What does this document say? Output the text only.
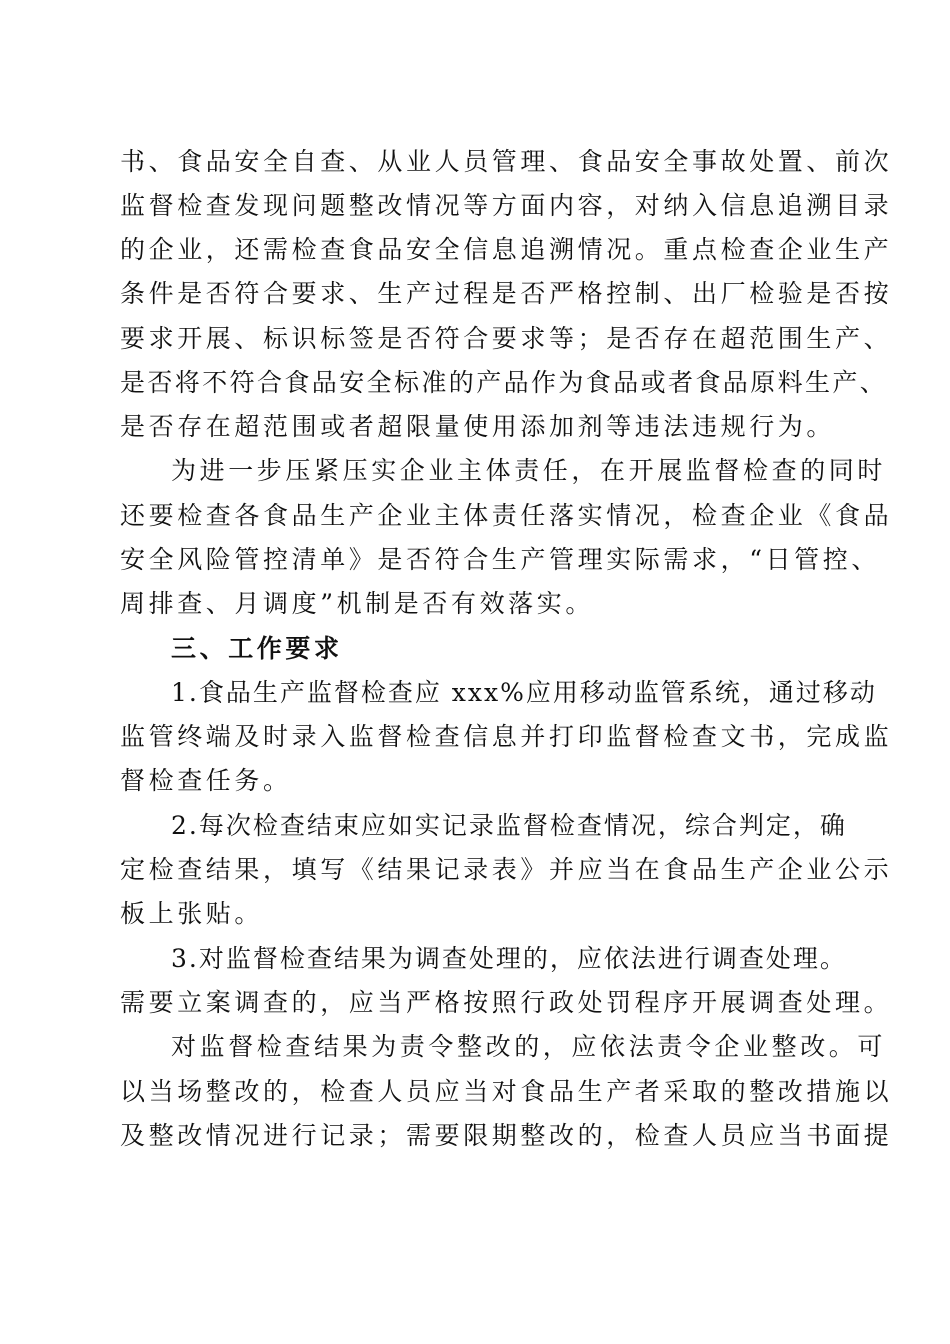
书、食品安全自查、从业人员管理、食品安全事故处置、前次
监督检查发现问题整改情况等方面内容，对纳入信息追溯目录
的企业，还需检查食品安全信息追溯情况。重点检查企业生产
条件是否符合要求、生产过程是否严格控制、出厂检验是否按
要求开展、标识标签是否符合要求等；是否存在超范围生产、
是否将不符合食品安全标准的产品作为食品或者食品原料生产、
是否存在超范围或者超限量使用添加剂等违法违规行为。
为进一步压紧压实企业主体责任，在开展监督检查的同时
还要检查各食品生产企业主体责任落实情况，检查企业《食品
安全风险管控清单》是否符合生产管理实际需求，“日管控、
周排查、月调度”机制是否有效落实。
三、工作要求
1.食品生产监督检查应 xxx%应用移动监管系统，通过移动
监管终端及时录入监督检查信息并打印监督检查文书，完成监
督检查任务。
2.每次检查结束应如实记录监督检查情况，综合判定，确
定检查结果，填写《结果记录表》并应当在食品生产企业公示
板上张贴。
3.对监督检查结果为调查处理的，应依法进行调查处理。
需要立案调查的，应当严格按照行政处罚程序开展调查处理。
对监督检查结果为责令整改的，应依法责令企业整改。可
以当场整改的，检查人员应当对食品生产者采取的整改措施以
及整改情况进行记录；需要限期整改的，检查人员应当书面提
